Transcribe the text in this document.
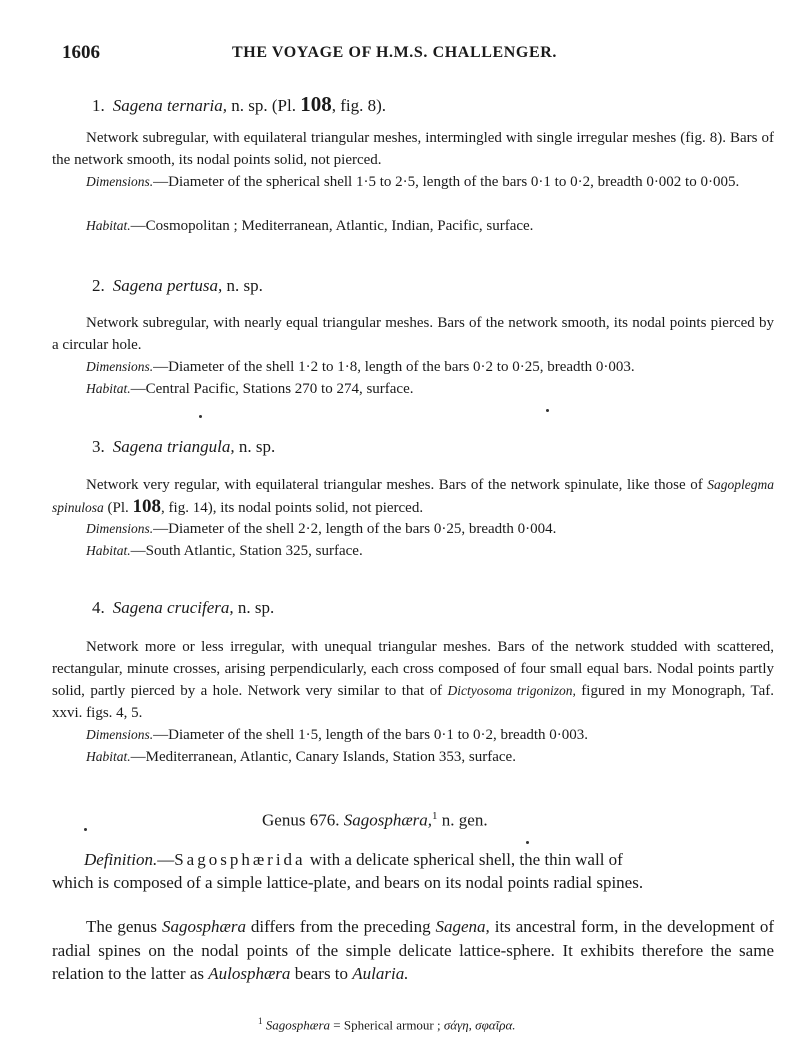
1606	THE VOYAGE OF H.M.S. CHALLENGER.
1. Sagena ternaria, n. sp. (Pl. 108, fig. 8).
Network subregular, with equilateral triangular meshes, intermingled with single irregular meshes (fig. 8). Bars of the network smooth, its nodal points solid, not pierced.
Dimensions.—Diameter of the spherical shell 1·5 to 2·5, length of the bars 0·1 to 0·2, breadth 0·002 to 0·005.
Habitat.—Cosmopolitan ; Mediterranean, Atlantic, Indian, Pacific, surface.
2. Sagena pertusa, n. sp.
Network subregular, with nearly equal triangular meshes. Bars of the network smooth, its nodal points pierced by a circular hole.
Dimensions.—Diameter of the shell 1·2 to 1·8, length of the bars 0·2 to 0·25, breadth 0·003.
Habitat.—Central Pacific, Stations 270 to 274, surface.
3. Sagena triangula, n. sp.
Network very regular, with equilateral triangular meshes. Bars of the network spinulate, like those of Sagoplegma spinulosa (Pl. 108, fig. 14), its nodal points solid, not pierced.
Dimensions.—Diameter of the shell 2·2, length of the bars 0·25, breadth 0·004.
Habitat.—South Atlantic, Station 325, surface.
4. Sagena crucifera, n. sp.
Network more or less irregular, with unequal triangular meshes. Bars of the network studded with scattered, rectangular, minute crosses, arising perpendicularly, each cross composed of four small equal bars. Nodal points partly solid, partly pierced by a hole. Network very similar to that of Dictyosoma trigonizon, figured in my Monograph, Taf. xxvi. figs. 4, 5.
Dimensions.—Diameter of the shell 1·5, length of the bars 0·1 to 0·2, breadth 0·003.
Habitat.—Mediterranean, Atlantic, Canary Islands, Station 353, surface.
Genus 676. Sagosphæra,$^1$ n. gen.
Definition.—Sagosphærida with a delicate spherical shell, the thin wall of
which is composed of a simple lattice-plate, and bears on its nodal points radial spines.
The genus Sagosphæra differs from the preceding Sagena, its ancestral form, in the development of radial spines on the nodal points of the simple delicate lattice-sphere. It exhibits therefore the same relation to the latter as Aulosphæra bears to Aularia.
$^1$ Sagosphæra = Spherical armour ; σάγη, σφαῖρα.
